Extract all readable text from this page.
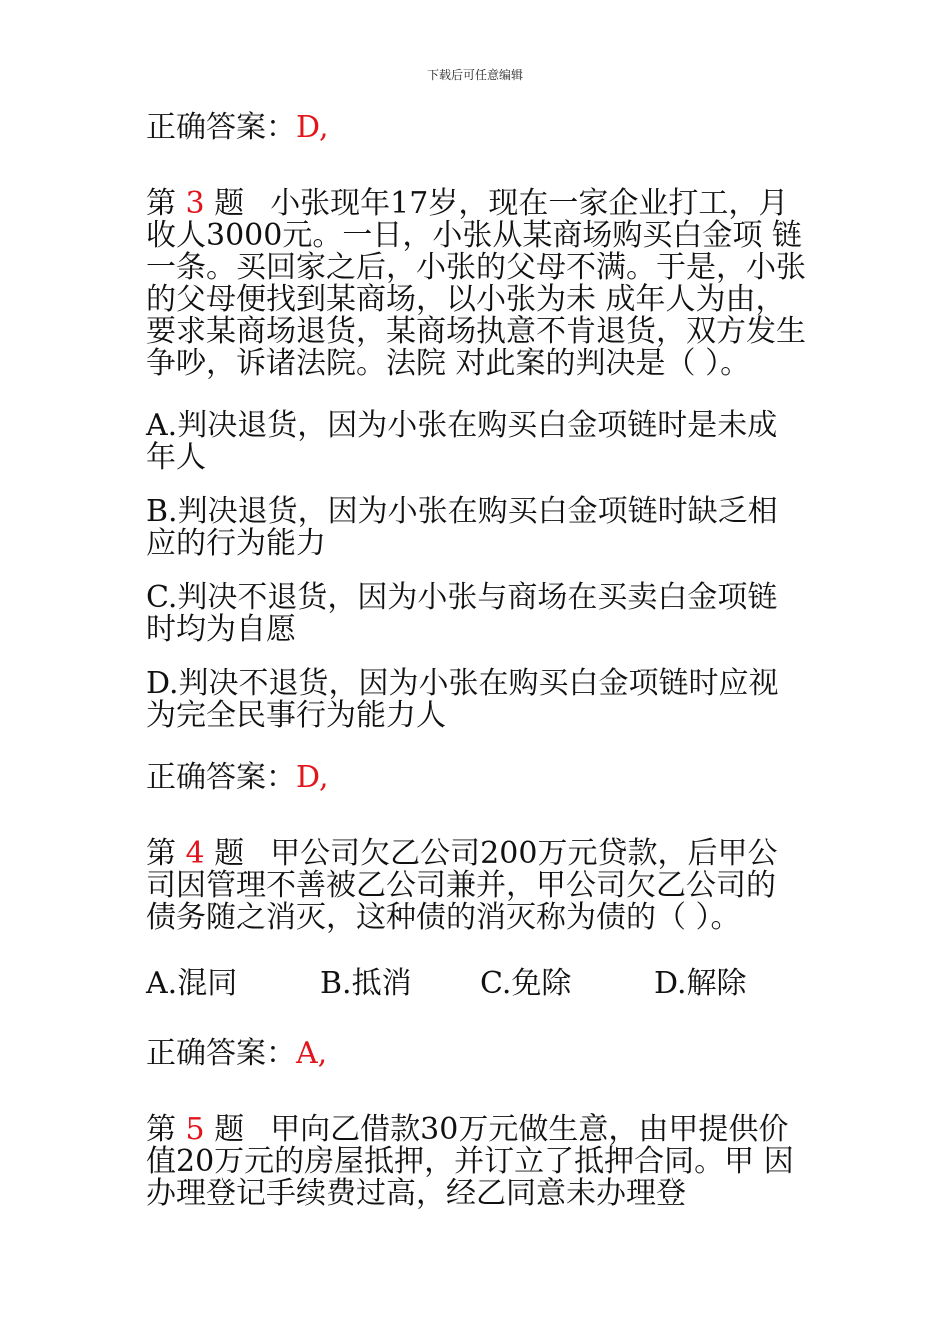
下载后可任意编辑
正确答案：D,
第 3 题 小张现年17岁，现在一家企业打工，月收人3000元。一日，小张从某商场购买白金项 链一条。买回家之后，小张的父母不满。于是，小张的父母便找到某商场，以小张为未 成年人为由，要求某商场退货，某商场执意不肯退货，双方发生争吵，诉诸法院。法院 对此案的判决是（ ）。
A.判决退货，因为小张在购买白金项链时是未成年人
B.判决退货，因为小张在购买白金项链时缺乏相应的行为能力
C.判决不退货，因为小张与商场在买卖白金项链时均为自愿
D.判决不退货，因为小张在购买白金项链时应视为完全民事行为能力人
正确答案：D,
第 4 题 甲公司欠乙公司200万元贷款，后甲公司因管理不善被乙公司兼并，甲公司欠乙公司的 债务随之消灭，这种债的消灭称为债的（ ）。
A.混同	B.抵消	C.免除	D.解除
正确答案：A,
第 5 题 甲向乙借款30万元做生意，由甲提供价值20万元的房屋抵押，并订立了抵押合同。甲 因办理登记手续费过高，经乙同意未办理登
